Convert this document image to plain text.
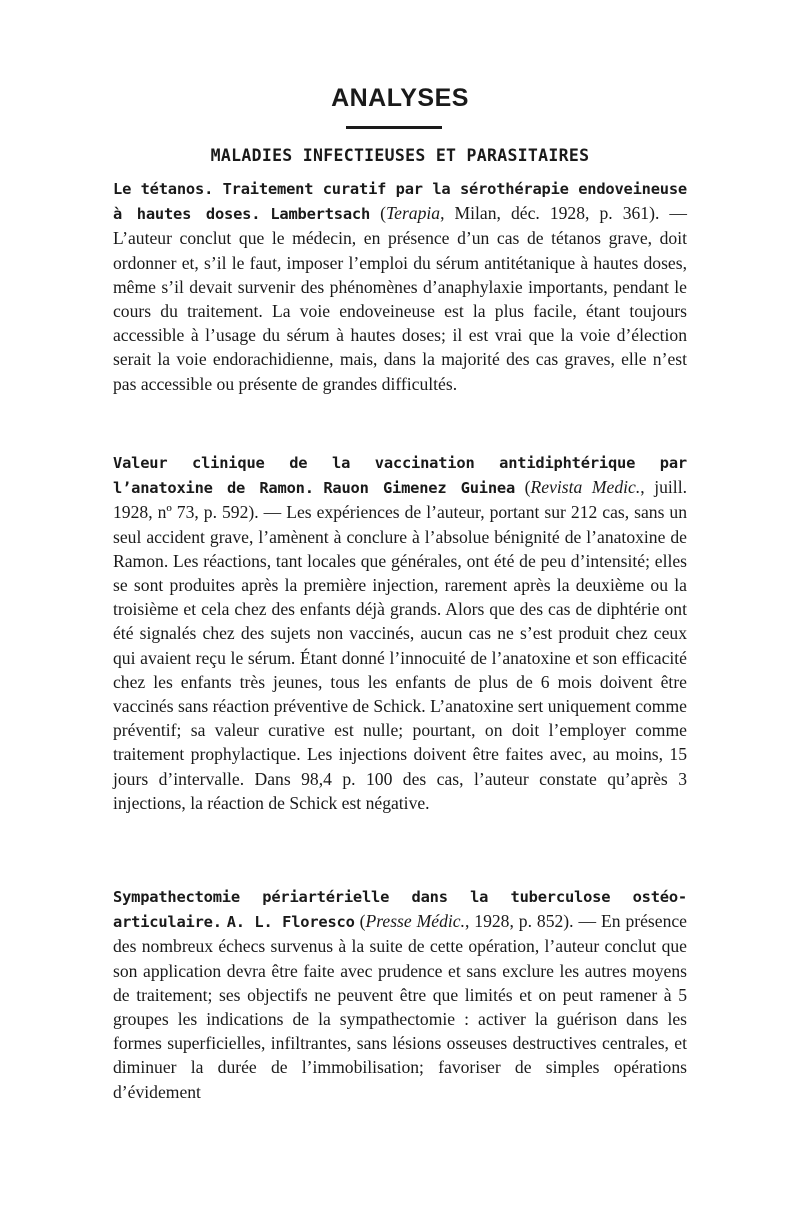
ANALYSES
MALADIES INFECTIEUSES ET PARASITAIRES
Le tétanos. Traitement curatif par la sérothérapie endoveineuse à hautes doses. Lambertsach (Terapia, Milan, déc. 1928, p. 361). — L’auteur conclut que le médecin, en présence d’un cas de tétanos grave, doit ordonner et, s’il le faut, imposer l’emploi du sérum antitétanique à hautes doses, même s’il devait survenir des phénomènes d’anaphylaxie importants, pendant le cours du traitement. La voie endoveineuse est la plus facile, étant toujours accessible à l’usage du sérum à hautes doses; il est vrai que la voie d’élection serait la voie endorachidienne, mais, dans la majorité des cas graves, elle n’est pas accessible ou présente de grandes difficultés.
Valeur clinique de la vaccination antidiphtérique par l’anatoxine de Ramon. Rauon Gimenez Guinea (Revista Medic., juill. 1928, nº 73, p. 592). — Les expériences de l’auteur, portant sur 212 cas, sans un seul accident grave, l’amènent à conclure à l’absolue bénignité de l’anatoxine de Ramon. Les réactions, tant locales que générales, ont été de peu d’intensité; elles se sont produites après la première injection, rarement après la deuxième ou la troisième et cela chez des enfants déjà grands. Alors que des cas de diphtérie ont été signalés chez des sujets non vaccinés, aucun cas ne s’est produit chez ceux qui avaient reçu le sérum. Étant donné l’innocuité de l’anatoxine et son efficacité chez les enfants très jeunes, tous les enfants de plus de 6 mois doivent être vaccinés sans réaction préventive de Schick. L’anatoxine sert uniquement comme préventif; sa valeur curative est nulle; pourtant, on doit l’employer comme traitement prophylactique. Les injections doivent être faites avec, au moins, 15 jours d’intervalle. Dans 98,4 p. 100 des cas, l’auteur constate qu’après 3 injections, la réaction de Schick est négative.
Sympathectomie périartérielle dans la tuberculose ostéo-articulaire. A. L. Floresco (Presse Médic., 1928, p. 852). — En présence des nombreux échecs survenus à la suite de cette opération, l’auteur conclut que son application devra être faite avec prudence et sans exclure les autres moyens de traitement; ses objectifs ne peuvent être que limités et on peut ramener à 5 groupes les indications de la sympathectomie : activer la guérison dans les formes superficielles, infiltrantes, sans lésions osseuses destructives centrales, et diminuer la durée de l’immobilisation; favoriser de simples opérations d’évidement
